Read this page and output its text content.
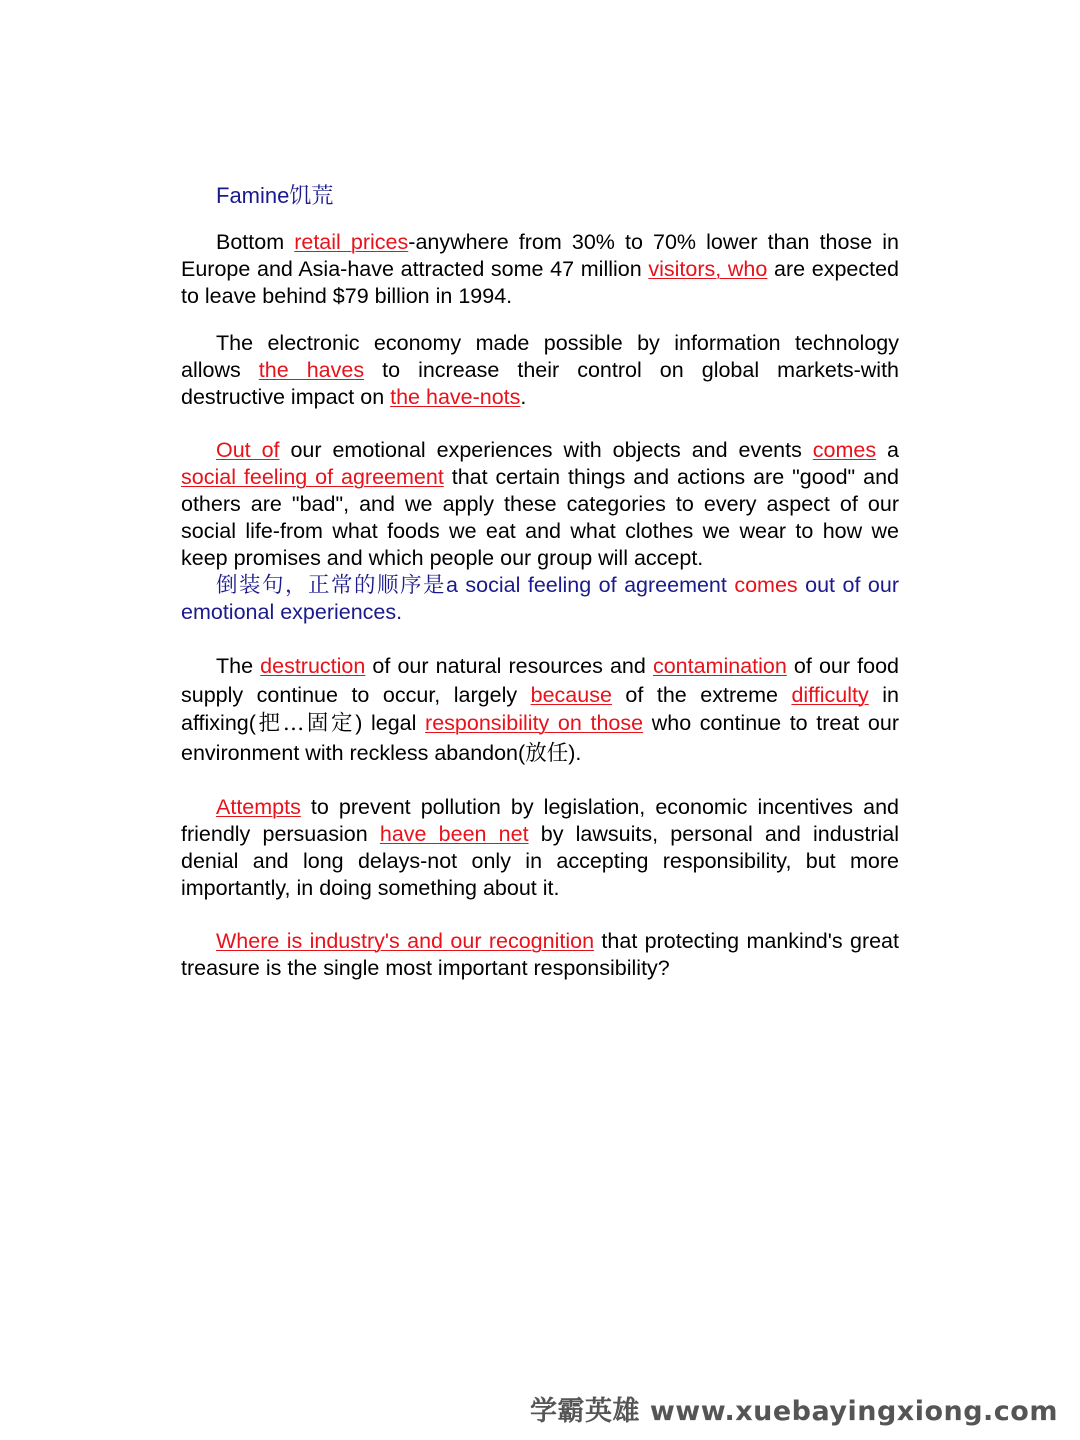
Famine饥荒

Bottom retail prices-anywhere from 30% to 70% lower than those in Europe and Asia-have attracted some 47 million visitors, who are expected to leave behind $79 billion in 1994.

The electronic economy made possible by information technology allows the haves to increase their control on global markets-with destructive impact on the have-nots.

Out of our emotional experiences with objects and events comes a social feeling of agreement that certain things and actions are "good" and others are "bad", and we apply these categories to every aspect of our social life-from what foods we eat and what clothes we wear to how we keep promises and which people our group will accept.

倒装句，正常的顺序是a social feeling of agreement comes out of our emotional experiences.

The destruction of our natural resources and contamination of our food supply continue to occur, largely because of the extreme difficulty in affixing(把…固定) legal responsibility on those who continue to treat our environment with reckless abandon(放任).

Attempts to prevent pollution by legislation, economic incentives and friendly persuasion have been net by lawsuits, personal and industrial denial and long delays-not only in accepting responsibility, but more importantly, in doing something about it.

Where is industry's and our recognition that protecting mankind's great treasure is the single most important responsibility?

学霸英雄 www.xuebayingxiong.com
